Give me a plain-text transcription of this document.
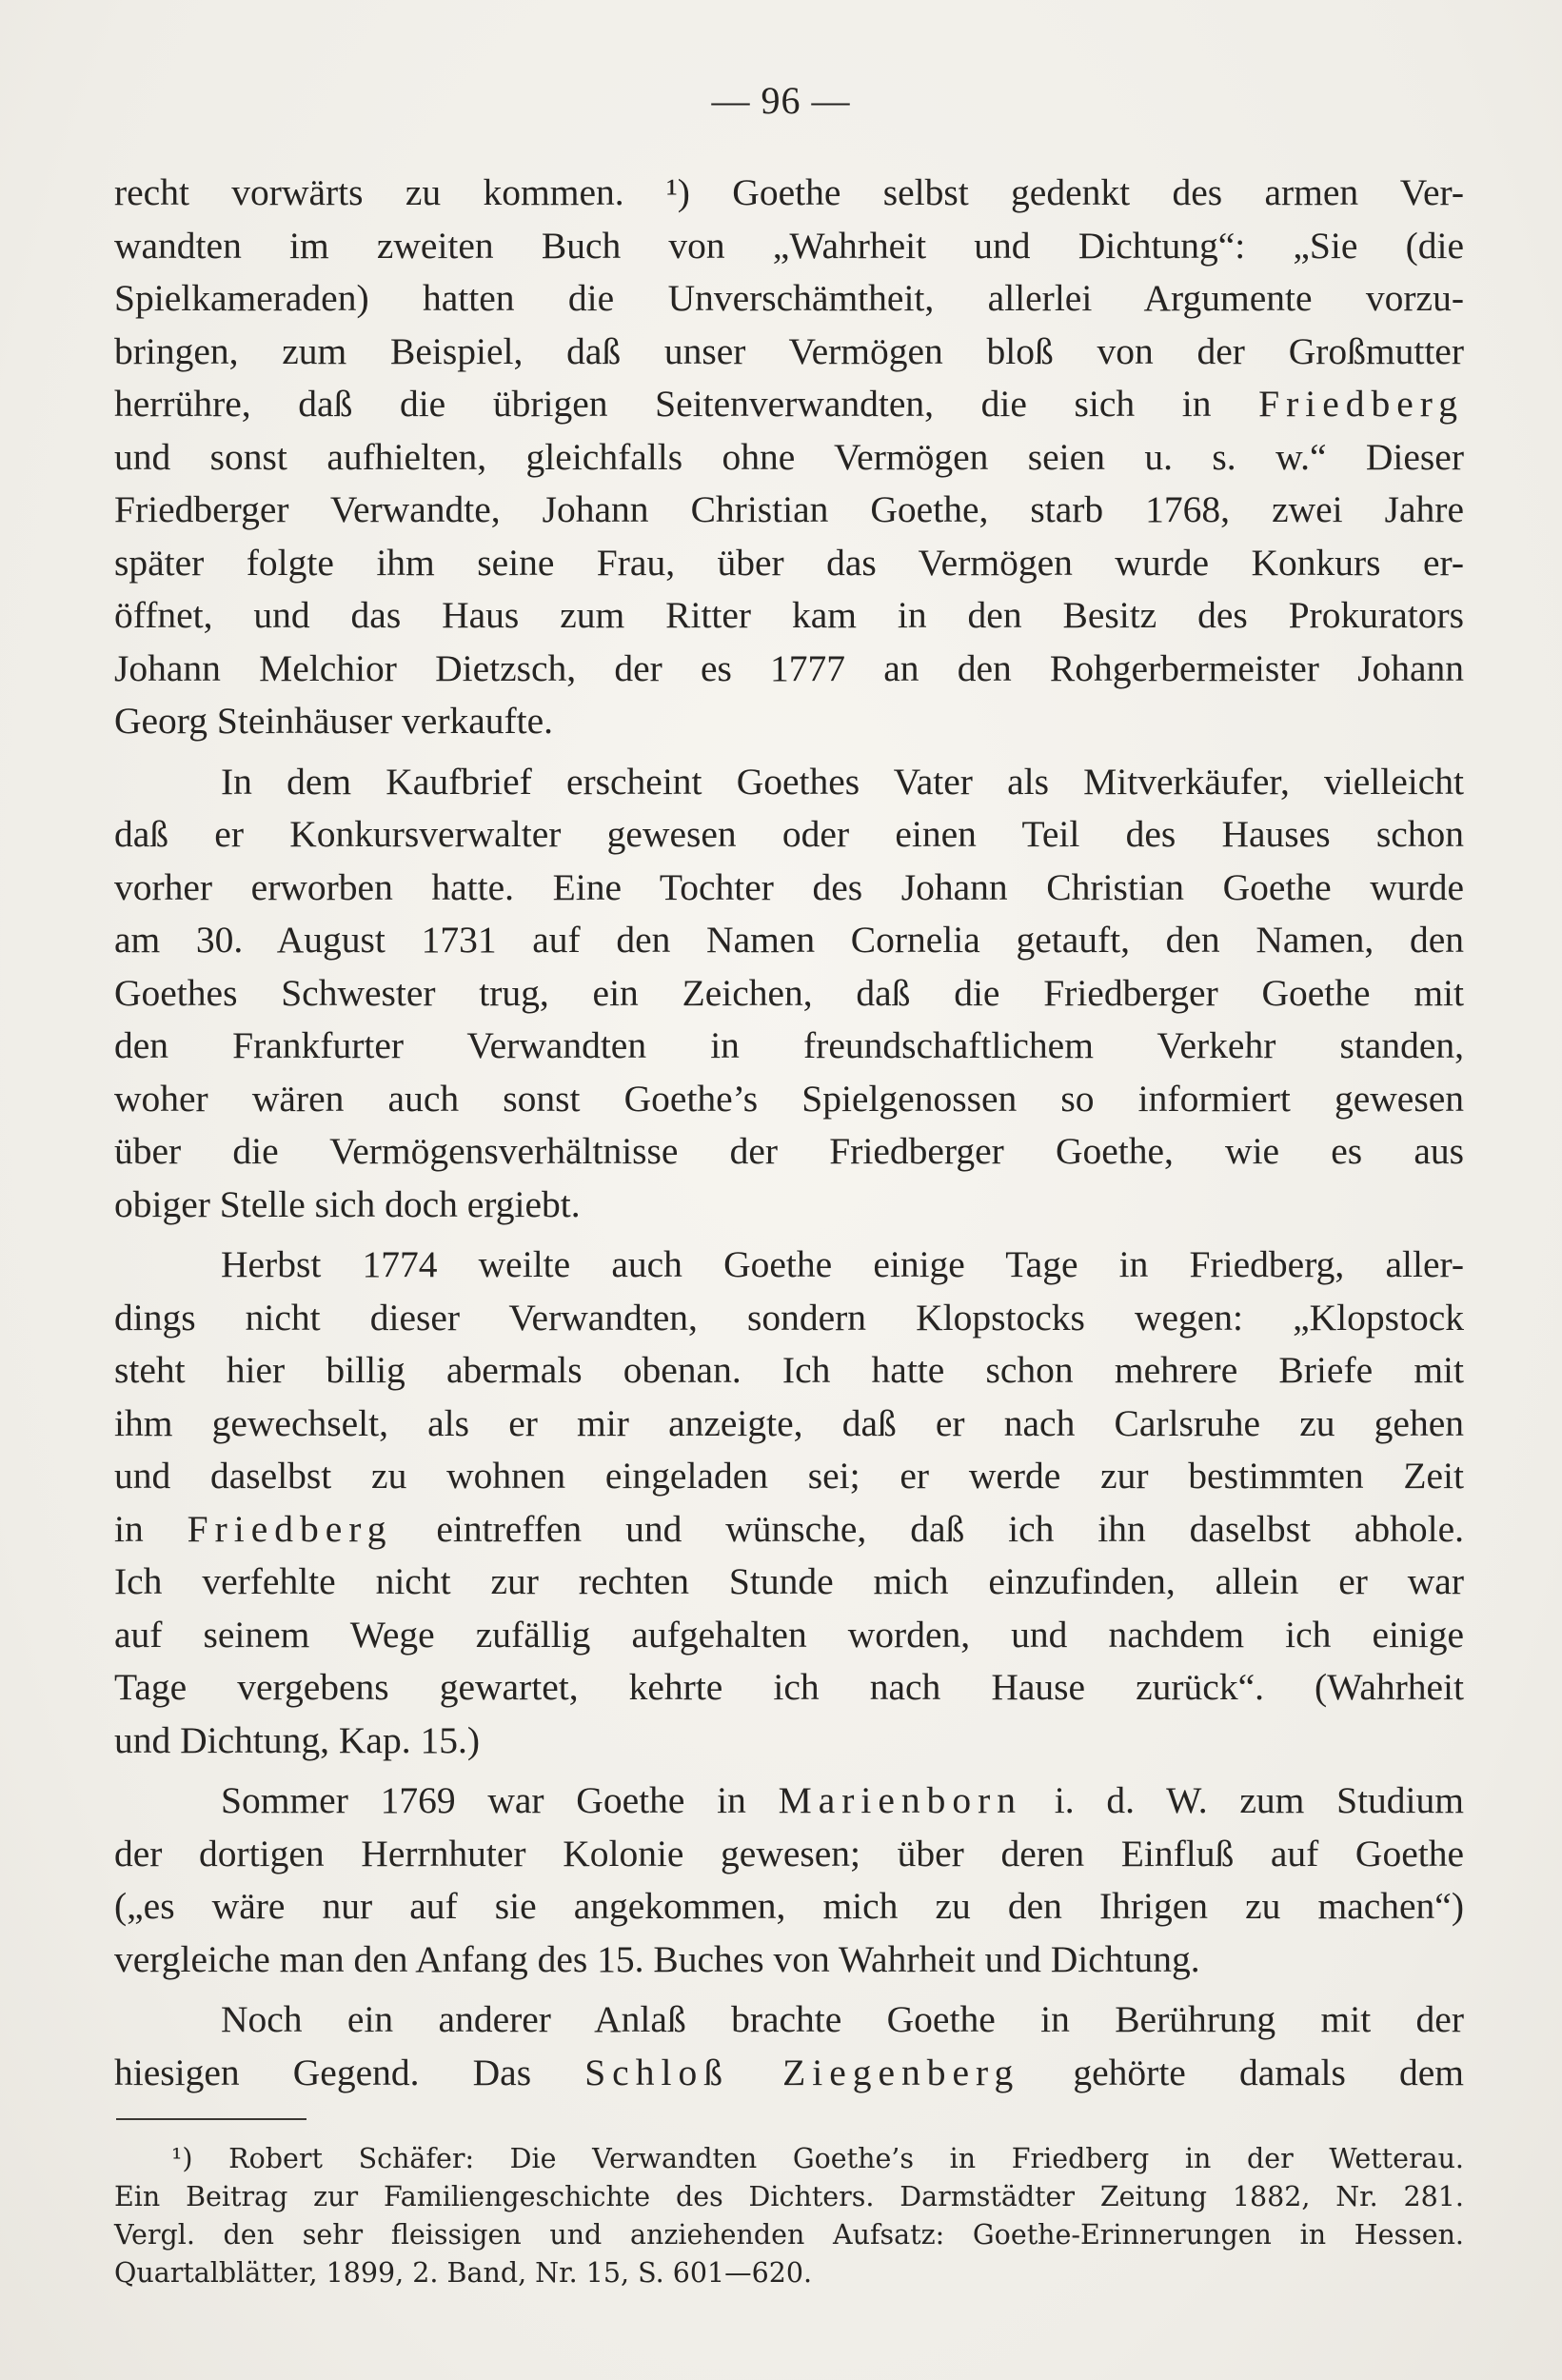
— 96 —
recht vorwärts zu kommen. ¹) Goethe selbst gedenkt des armen Ver-
wandten im zweiten Buch von „Wahrheit und Dichtung“: „Sie (die
Spielkameraden) hatten die Unverschämtheit, allerlei Argumente vorzu-
bringen, zum Beispiel, daß unser Vermögen bloß von der Großmutter
herrühre, daß die übrigen Seitenverwandten, die sich in Friedberg
und sonst aufhielten, gleichfalls ohne Vermögen seien u. s. w.“ Dieser
Friedberger Verwandte, Johann Christian Goethe, starb 1768, zwei Jahre
später folgte ihm seine Frau, über das Vermögen wurde Konkurs er-
öffnet, und das Haus zum Ritter kam in den Besitz des Prokurators
Johann Melchior Dietzsch, der es 1777 an den Rohgerbermeister Johann
Georg Steinhäuser verkaufte.
In dem Kaufbrief erscheint Goethes Vater als Mitverkäufer, vielleicht
daß er Konkursverwalter gewesen oder einen Teil des Hauses schon
vorher erworben hatte. Eine Tochter des Johann Christian Goethe wurde
am 30. August 1731 auf den Namen Cornelia getauft, den Namen, den
Goethes Schwester trug, ein Zeichen, daß die Friedberger Goethe mit
den Frankfurter Verwandten in freundschaftlichem Verkehr standen,
woher wären auch sonst Goethe’s Spielgenossen so informiert gewesen
über die Vermögensverhältnisse der Friedberger Goethe, wie es aus
obiger Stelle sich doch ergiebt.
Herbst 1774 weilte auch Goethe einige Tage in Friedberg, aller-
dings nicht dieser Verwandten, sondern Klopstocks wegen: „Klopstock
steht hier billig abermals obenan. Ich hatte schon mehrere Briefe mit
ihm gewechselt, als er mir anzeigte, daß er nach Carlsruhe zu gehen
und daselbst zu wohnen eingeladen sei; er werde zur bestimmten Zeit
in Friedberg eintreffen und wünsche, daß ich ihn daselbst abhole.
Ich verfehlte nicht zur rechten Stunde mich einzufinden, allein er war
auf seinem Wege zufällig aufgehalten worden, und nachdem ich einige
Tage vergebens gewartet, kehrte ich nach Hause zurück“. (Wahrheit
und Dichtung, Kap. 15.)
Sommer 1769 war Goethe in Marienborn i. d. W. zum Studium
der dortigen Herrnhuter Kolonie gewesen; über deren Einfluß auf Goethe
(„es wäre nur auf sie angekommen, mich zu den Ihrigen zu machen“)
vergleiche man den Anfang des 15. Buches von Wahrheit und Dichtung.
Noch ein anderer Anlaß brachte Goethe in Berührung mit der
hiesigen Gegend. Das Schloß Ziegenberg gehörte damals dem
¹) Robert Schäfer: Die Verwandten Goethe’s in Friedberg in der Wetterau.
Ein Beitrag zur Familiengeschichte des Dichters. Darmstädter Zeitung 1882, Nr. 281.
Vergl. den sehr fleissigen und anziehenden Aufsatz: Goethe-Erinnerungen in Hessen.
Quartalblätter, 1899, 2. Band, Nr. 15, S. 601—620.
